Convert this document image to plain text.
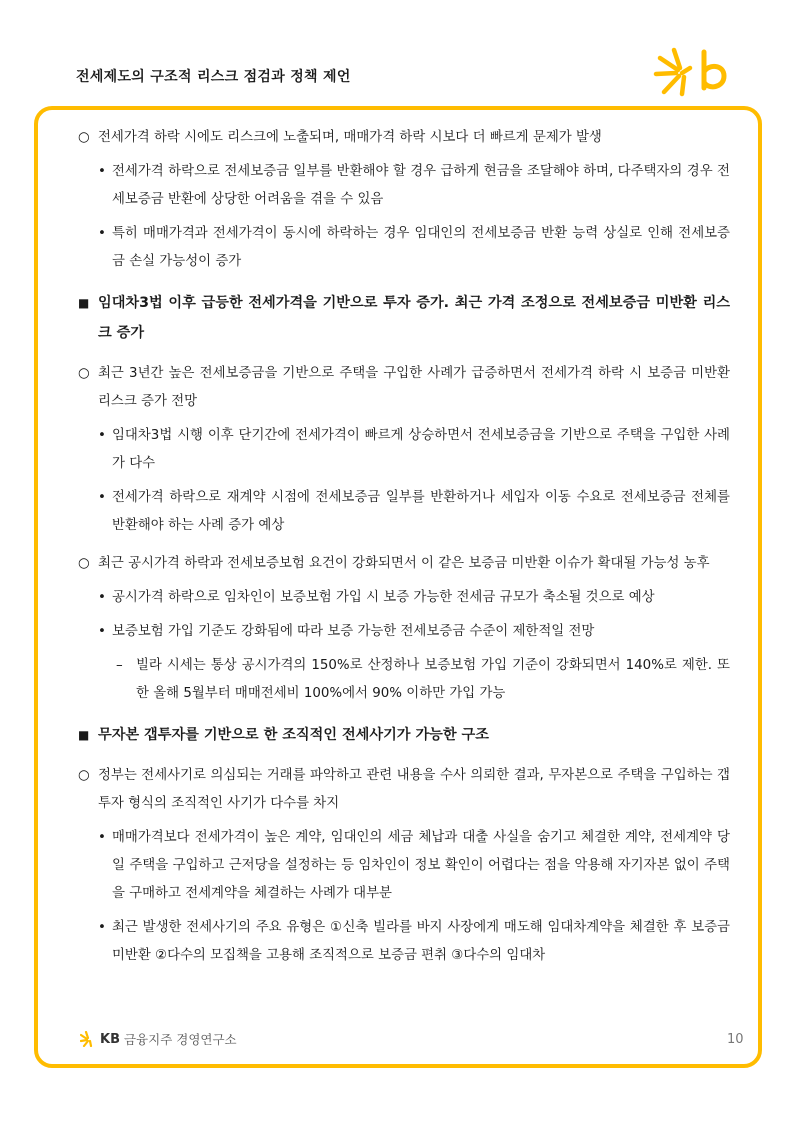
전세제도의 구조적 리스크 점검과 정책 제언
○ 전세가격 하락 시에도 리스크에 노출되며, 매매가격 하락 시보다 더 빠르게 문제가 발생
• 전세가격 하락으로 전세보증금 일부를 반환해야 할 경우 급하게 현금을 조달해야 하며, 다주택자의 경우 전세보증금 반환에 상당한 어려움을 겪을 수 있음
• 특히 매매가격과 전세가격이 동시에 하락하는 경우 임대인의 전세보증금 반환 능력 상실로 인해 전세보증금 손실 가능성이 증가
■ 임대차3법 이후 급등한 전세가격을 기반으로 투자 증가. 최근 가격 조정으로 전세보증금 미반환 리스크 증가
○ 최근 3년간 높은 전세보증금을 기반으로 주택을 구입한 사례가 급증하면서 전세가격 하락 시 보증금 미반환 리스크 증가 전망
• 임대차3법 시행 이후 단기간에 전세가격이 빠르게 상승하면서 전세보증금을 기반으로 주택을 구입한 사례가 다수
• 전세가격 하락으로 재계약 시점에 전세보증금 일부를 반환하거나 세입자 이동 수요로 전세보증금 전체를 반환해야 하는 사례 증가 예상
○ 최근 공시가격 하락과 전세보증보험 요건이 강화되면서 이 같은 보증금 미반환 이슈가 확대될 가능성 농후
• 공시가격 하락으로 임차인이 보증보험 가입 시 보증 가능한 전세금 규모가 축소될 것으로 예상
• 보증보험 가입 기준도 강화됨에 따라 보증 가능한 전세보증금 수준이 제한적일 전망
– 빌라 시세는 통상 공시가격의 150%로 산정하나 보증보험 가입 기준이 강화되면서 140%로 제한. 또한 올해 5월부터 매매전세비 100%에서 90% 이하만 가입 가능
■ 무자본 갭투자를 기반으로 한 조직적인 전세사기가 가능한 구조
○ 정부는 전세사기로 의심되는 거래를 파악하고 관련 내용을 수사 의뢰한 결과, 무자본으로 주택을 구입하는 갭투자 형식의 조직적인 사기가 다수를 차지
• 매매가격보다 전세가격이 높은 계약, 임대인의 세금 체납과 대출 사실을 숨기고 체결한 계약, 전세계약 당일 주택을 구입하고 근저당을 설정하는 등 임차인이 정보 확인이 어렵다는 점을 악용해 자기자본 없이 주택을 구매하고 전세계약을 체결하는 사례가 대부분
• 최근 발생한 전세사기의 주요 유형은 ①신축 빌라를 바지 사장에게 매도해 임대차계약을 체결한 후 보증금 미반환 ②다수의 모집책을 고용해 조직적으로 보증금 편취 ③다수의 임대차
KB 금융지주 경영연구소	10
